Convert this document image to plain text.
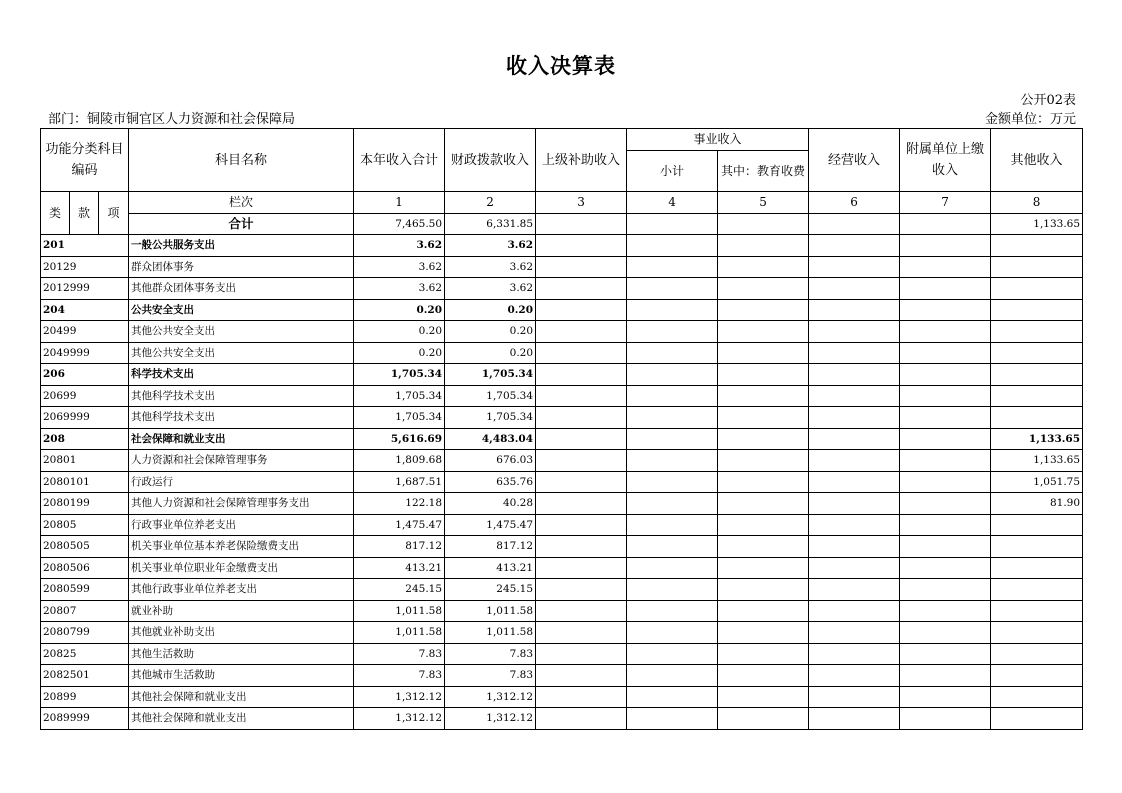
收入决算表
公开02表
部门：铜陵市铜官区人力资源和社会保障局	金额单位：万元
功能分类科目编码			科目名称	本年收入合计	财政拨款收入	上级补助收入	事业收入		经营收入	附属单位上缴收入	其他收入
							小计	其中：教育收费			
类	款	项	栏次	1	2	3	4	5	6	7	8
			合计	7,465.50	6,331.85						1,133.65
201			一般公共服务支出	3.62	3.62						
20129			群众团体事务	3.62	3.62						
2012999			其他群众团体事务支出	3.62	3.62						
204			公共安全支出	0.20	0.20						
20499			其他公共安全支出	0.20	0.20						
2049999			其他公共安全支出	0.20	0.20						
206			科学技术支出	1,705.34	1,705.34						
20699			其他科学技术支出	1,705.34	1,705.34						
2069999			其他科学技术支出	1,705.34	1,705.34						
208			社会保障和就业支出	5,616.69	4,483.04						1,133.65
20801			人力资源和社会保障管理事务	1,809.68	676.03						1,133.65
2080101			行政运行	1,687.51	635.76						1,051.75
2080199			其他人力资源和社会保障管理事务支出	122.18	40.28						81.90
20805			行政事业单位养老支出	1,475.47	1,475.47						
2080505			机关事业单位基本养老保险缴费支出	817.12	817.12						
2080506			机关事业单位职业年金缴费支出	413.21	413.21						
2080599			其他行政事业单位养老支出	245.15	245.15						
20807			就业补助	1,011.58	1,011.58						
2080799			其他就业补助支出	1,011.58	1,011.58						
20825			其他生活救助	7.83	7.83						
2082501			其他城市生活救助	7.83	7.83						
20899			其他社会保障和就业支出	1,312.12	1,312.12						
2089999			其他社会保障和就业支出	1,312.12	1,312.12						
